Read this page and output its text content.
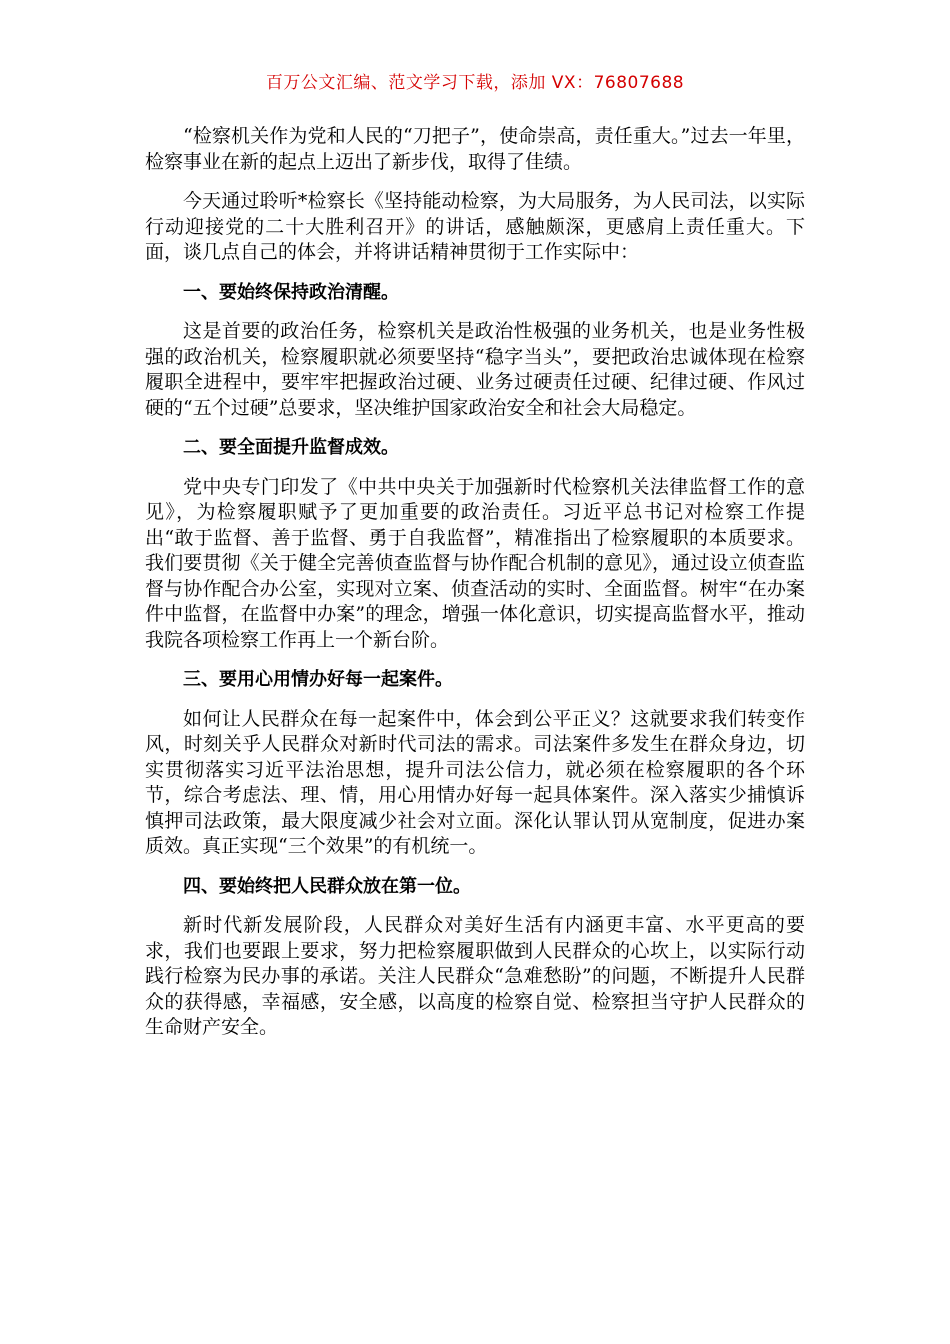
百万公文汇编、范文学习下载，添加 VX：76807688

“检察机关作为党和人民的“刀把子”，使命崇高，责任重大。”过去一年里，检察事业在新的起点上迈出了新步伐，取得了佳绩。

今天通过聆听*检察长《坚持能动检察，为大局服务，为人民司法，以实际行动迎接党的二十大胜利召开》的讲话，感触颇深，更感肩上责任重大。下面，谈几点自己的体会，并将讲话精神贯彻于工作实际中：

一、要始终保持政治清醒。

这是首要的政治任务，检察机关是政治性极强的业务机关，也是业务性极强的政治机关，检察履职就必须要坚持“稳字当头”，要把政治忠诚体现在检察履职全进程中，要牢牢把握政治过硬、业务过硬责任过硬、纪律过硬、作风过硬的“五个过硬”总要求，坚决维护国家政治安全和社会大局稳定。

二、要全面提升监督成效。

党中央专门印发了《中共中央关于加强新时代检察机关法律监督工作的意见》，为检察履职赋予了更加重要的政治责任。习近平总书记对检察工作提出“敢于监督、善于监督、勇于自我监督”，精准指出了检察履职的本质要求。我们要贯彻《关于健全完善侦查监督与协作配合机制的意见》，通过设立侦查监督与协作配合办公室，实现对立案、侦查活动的实时、全面监督。树牢“在办案件中监督，在监督中办案”的理念，增强一体化意识，切实提高监督水平，推动我院各项检察工作再上一个新台阶。

三、要用心用情办好每一起案件。

如何让人民群众在每一起案件中，体会到公平正义？这就要求我们转变作风，时刻关乎人民群众对新时代司法的需求。司法案件多发生在群众身边，切实贯彻落实习近平法治思想，提升司法公信力，就必须在检察履职的各个环节，综合考虑法、理、情，用心用情办好每一起具体案件。深入落实少捕慎诉慎押司法政策，最大限度减少社会对立面。深化认罪认罚从宽制度，促进办案质效。真正实现“三个效果”的有机统一。

四、要始终把人民群众放在第一位。

新时代新发展阶段，人民群众对美好生活有内涵更丰富、水平更高的要求，我们也要跟上要求，努力把检察履职做到人民群众的心坎上，以实际行动践行检察为民办事的承诺。关注人民群众“急难愁盼”的问题，不断提升人民群众的获得感，幸福感，安全感，以高度的检察自觉、检察担当守护人民群众的生命财产安全。
